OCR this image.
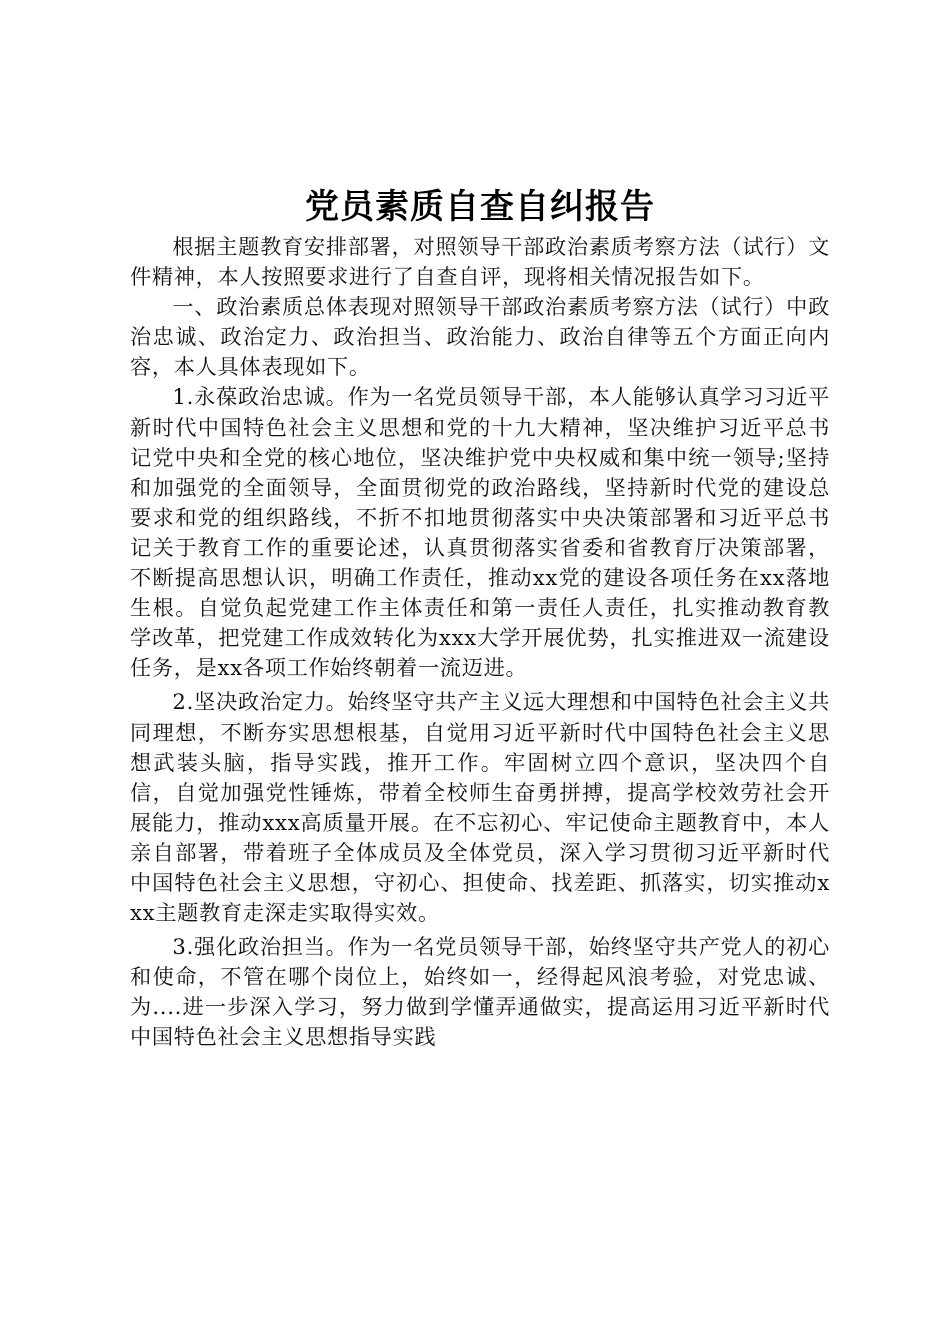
党员素质自查自纠报告

根据主题教育安排部署，对照领导干部政治素质考察方法（试行）文件精神，本人按照要求进行了自查自评，现将相关情况报告如下。

一、政治素质总体表现对照领导干部政治素质考察方法（试行）中政治忠诚、政治定力、政治担当、政治能力、政治自律等五个方面正向内容，本人具体表现如下。

1.永葆政治忠诚。作为一名党员领导干部，本人能够认真学习习近平新时代中国特色社会主义思想和党的十九大精神，坚决维护习近平总书记党中央和全党的核心地位，坚决维护党中央权威和集中统一领导;坚持和加强党的全面领导，全面贯彻党的政治路线，坚持新时代党的建设总要求和党的组织路线，不折不扣地贯彻落实中央决策部署和习近平总书记关于教育工作的重要论述，认真贯彻落实省委和省教育厅决策部署，不断提高思想认识，明确工作责任，推动xx党的建设各项任务在xx落地生根。自觉负起党建工作主体责任和第一责任人责任，扎实推动教育教学改革，把党建工作成效转化为xxx大学开展优势，扎实推进双一流建设任务，是xx各项工作始终朝着一流迈进。

2.坚决政治定力。始终坚守共产主义远大理想和中国特色社会主义共同理想，不断夯实思想根基，自觉用习近平新时代中国特色社会主义思想武装头脑，指导实践，推开工作。牢固树立四个意识，坚决四个自信，自觉加强党性锤炼，带着全校师生奋勇拼搏，提高学校效劳社会开展能力，推动xxx高质量开展。在不忘初心、牢记使命主题教育中，本人亲自部署，带着班子全体成员及全体党员，深入学习贯彻习近平新时代中国特色社会主义思想，守初心、担使命、找差距、抓落实，切实推动xxx主题教育走深走实取得实效。

3.强化政治担当。作为一名党员领导干部，始终坚守共产党人的初心和使命，不管在哪个岗位上，始终如一，经得起风浪考验，对党忠诚、为....进一步深入学习，努力做到学懂弄通做实，提高运用习近平新时代中国特色社会主义思想指导实践
